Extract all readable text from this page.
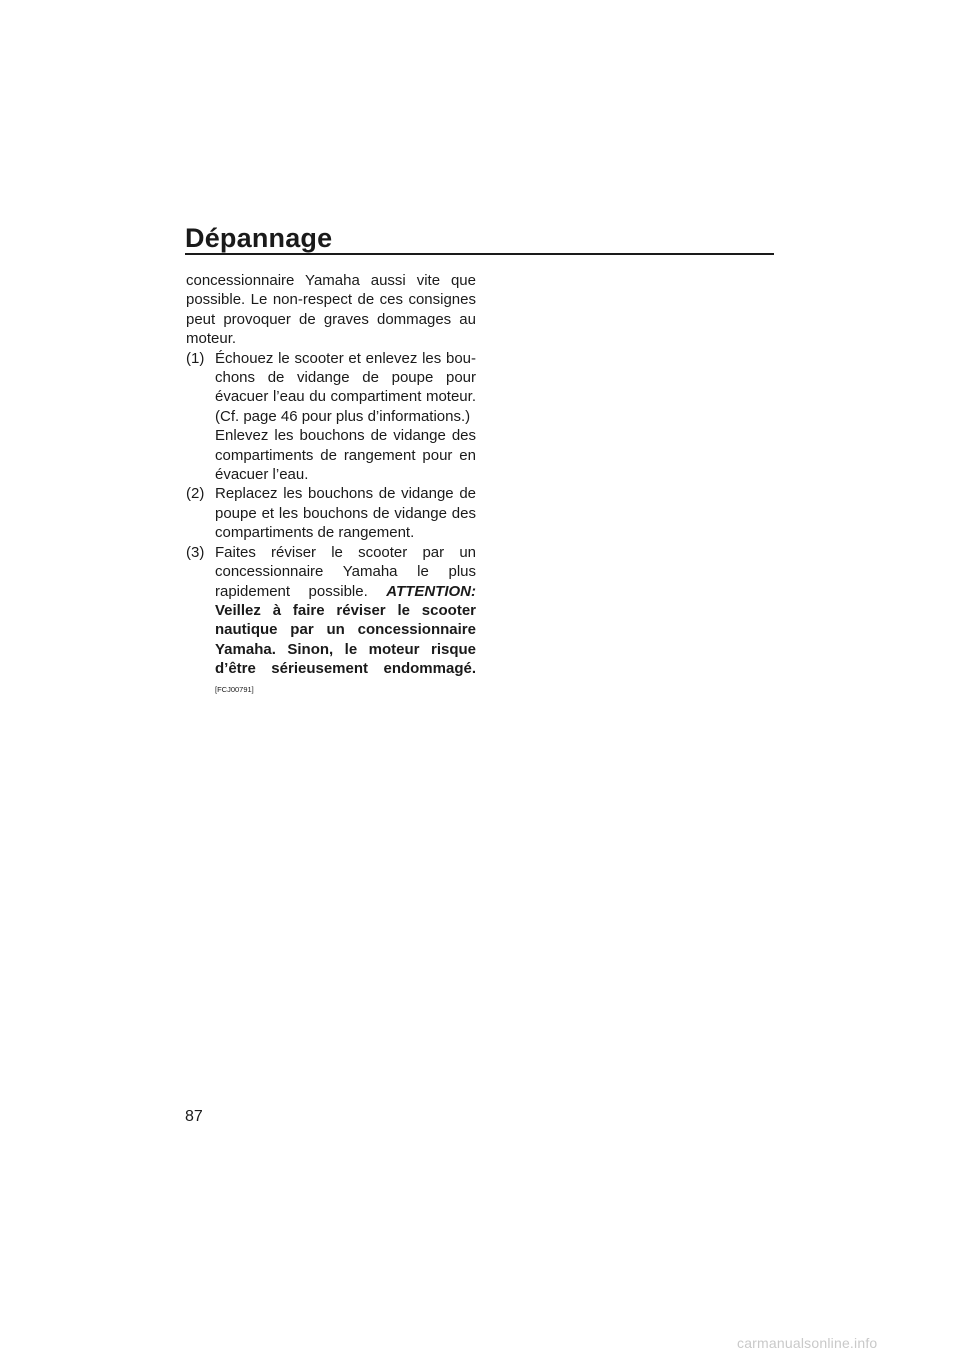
Dépannage

concessionnaire Yamaha aussi vite que possible. Le non-respect de ces consignes peut provoquer de graves dommages au moteur.

(1) Échouez le scooter et enlevez les bouchons de vidange de poupe pour évacuer l’eau du compartiment moteur. (Cf. page 46 pour plus d’informations.)
Enlevez les bouchons de vidange des compartiments de rangement pour en évacuer l’eau.
(2) Replacez les bouchons de vidange de poupe et les bouchons de vidange des compartiments de rangement.
(3) Faites réviser le scooter par un concessionnaire Yamaha le plus rapidement possible. ATTENTION: Veillez à faire réviser le scooter nautique par un concessionnaire Yamaha. Sinon, le moteur risque d’être sérieusement endommagé. [FCJ00791]
87
carmanualsonline.info
